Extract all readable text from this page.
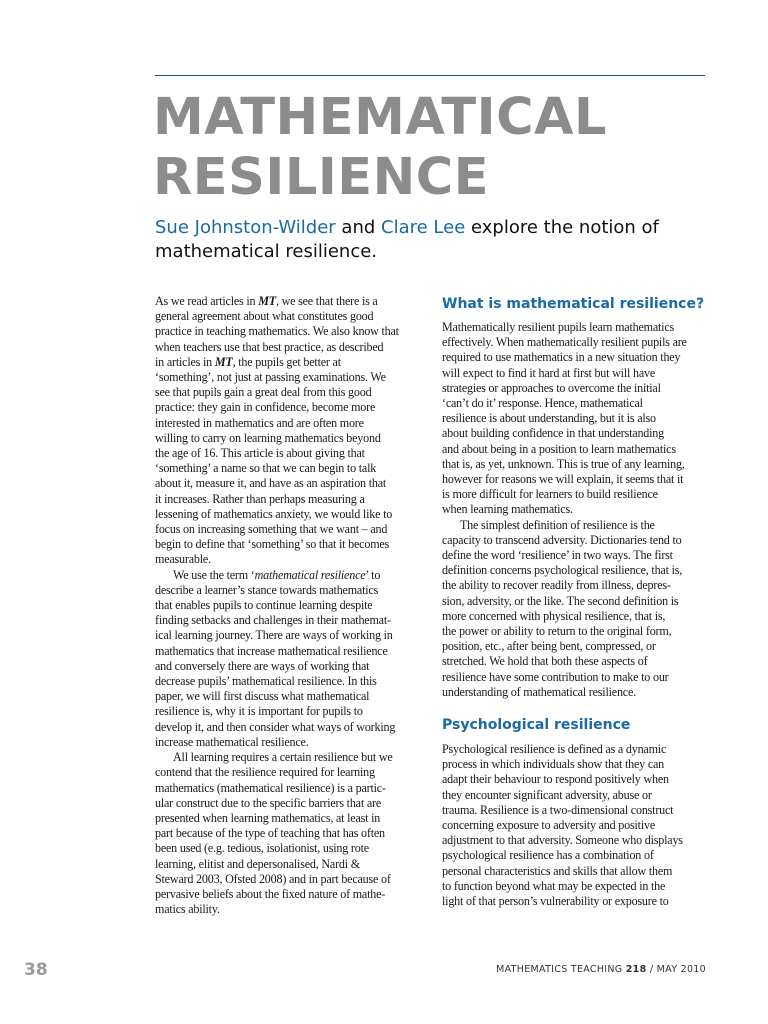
MATHEMATICAL
RESILIENCE
Sue Johnston-Wilder and Clare Lee explore the notion of
mathematical resilience.

As we read articles in MT, we see that there is a
general agreement about what constitutes good
practice in teaching mathematics. We also know that
when teachers use that best practice, as described
in articles in MT, the pupils get better at
‘something’, not just at passing examinations. We
see that pupils gain a great deal from this good
practice: they gain in confidence, become more
interested in mathematics and are often more
willing to carry on learning mathematics beyond
the age of 16. This article is about giving that
‘something’ a name so that we can begin to talk
about it, measure it, and have as an aspiration that
it increases. Rather than perhaps measuring a
lessening of mathematics anxiety, we would like to
focus on increasing something that we want – and
begin to define that ‘something’ so that it becomes
measurable.

We use the term ‘mathematical resilience’ to
describe a learner’s stance towards mathematics
that enables pupils to continue learning despite
finding setbacks and challenges in their mathemat-
ical learning journey. There are ways of working in
mathematics that increase mathematical resilience
and conversely there are ways of working that
decrease pupils’ mathematical resilience. In this
paper, we will first discuss what mathematical
resilience is, why it is important for pupils to
develop it, and then consider what ways of working
increase mathematical resilience.

All learning requires a certain resilience but we
contend that the resilience required for learning
mathematics (mathematical resilience) is a partic-
ular construct due to the specific barriers that are
presented when learning mathematics, at least in
part because of the type of teaching that has often
been used (e.g. tedious, isolationist, using rote
learning, elitist and depersonalised, Nardi &
Steward 2003, Ofsted 2008) and in part because of
pervasive beliefs about the fixed nature of mathe-
matics ability.

What is mathematical resilience?

Mathematically resilient pupils learn mathematics
effectively. When mathematically resilient pupils are
required to use mathematics in a new situation they
will expect to find it hard at first but will have
strategies or approaches to overcome the initial
‘can’t do it’ response. Hence, mathematical
resilience is about understanding, but it is also
about building confidence in that understanding
and about being in a position to learn mathematics
that is, as yet, unknown. This is true of any learning,
however for reasons we will explain, it seems that it
is more difficult for learners to build resilience
when learning mathematics.

The simplest definition of resilience is the
capacity to transcend adversity. Dictionaries tend to
define the word ‘resilience’ in two ways. The first
definition concerns psychological resilience, that is,
the ability to recover readily from illness, depres-
sion, adversity, or the like. The second definition is
more concerned with physical resilience, that is,
the power or ability to return to the original form,
position, etc., after being bent, compressed, or
stretched. We hold that both these aspects of
resilience have some contribution to make to our
understanding of mathematical resilience.

Psychological resilience

Psychological resilience is defined as a dynamic
process in which individuals show that they can
adapt their behaviour to respond positively when
they encounter significant adversity, abuse or
trauma. Resilience is a two-dimensional construct
concerning exposure to adversity and positive
adjustment to that adversity. Someone who displays
psychological resilience has a combination of
personal characteristics and skills that allow them
to function beyond what may be expected in the
light of that person’s vulnerability or exposure to

38	MATHEMATICS TEACHING 218 / MAY 2010
